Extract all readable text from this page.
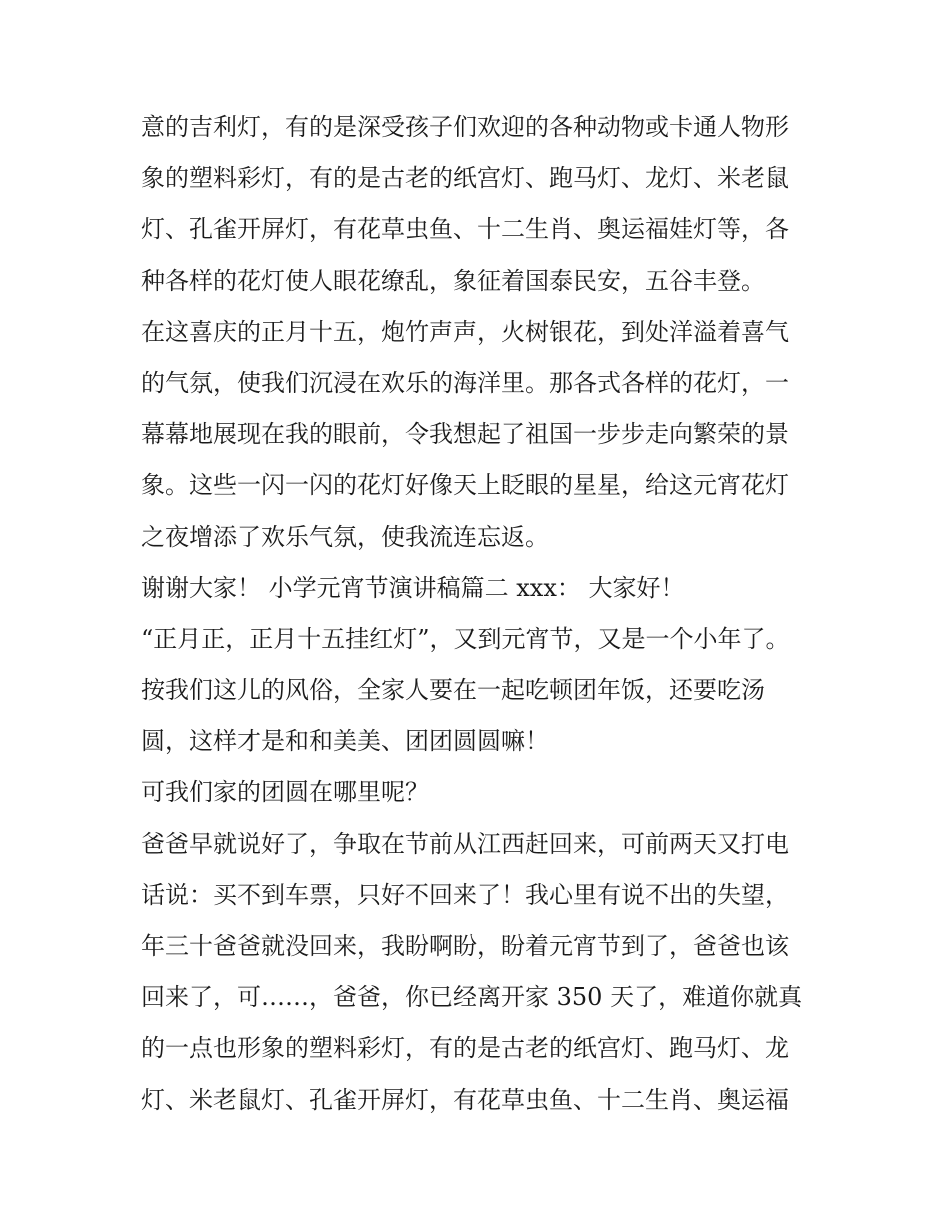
意的吉利灯，有的是深受孩子们欢迎的各种动物或卡通人物形
象的塑料彩灯，有的是古老的纸宫灯、跑马灯、龙灯、米老鼠
灯、孔雀开屏灯，有花草虫鱼、十二生肖、奥运福娃灯等，各
种各样的花灯使人眼花缭乱，象征着国泰民安，五谷丰登。
在这喜庆的正月十五，炮竹声声，火树银花，到处洋溢着喜气
的气氛，使我们沉浸在欢乐的海洋里。那各式各样的花灯，一
幕幕地展现在我的眼前，令我想起了祖国一步步走向繁荣的景
象。这些一闪一闪的花灯好像天上眨眼的星星，给这元宵花灯
之夜增添了欢乐气氛，使我流连忘返。
谢谢大家！ 小学元宵节演讲稿篇二 xxx： 大家好！
“正月正，正月十五挂红灯”，又到元宵节，又是一个小年了。
按我们这儿的风俗，全家人要在一起吃顿团年饭，还要吃汤
圆，这样才是和和美美、团团圆圆嘛！
可我们家的团圆在哪里呢？
爸爸早就说好了，争取在节前从江西赶回来，可前两天又打电
话说：买不到车票，只好不回来了！我心里有说不出的失望，
年三十爸爸就没回来，我盼啊盼，盼着元宵节到了，爸爸也该
回来了，可……，爸爸，你已经离开家 350 天了，难道你就真
的一点也形象的塑料彩灯，有的是古老的纸宫灯、跑马灯、龙
灯、米老鼠灯、孔雀开屏灯，有花草虫鱼、十二生肖、奥运福
